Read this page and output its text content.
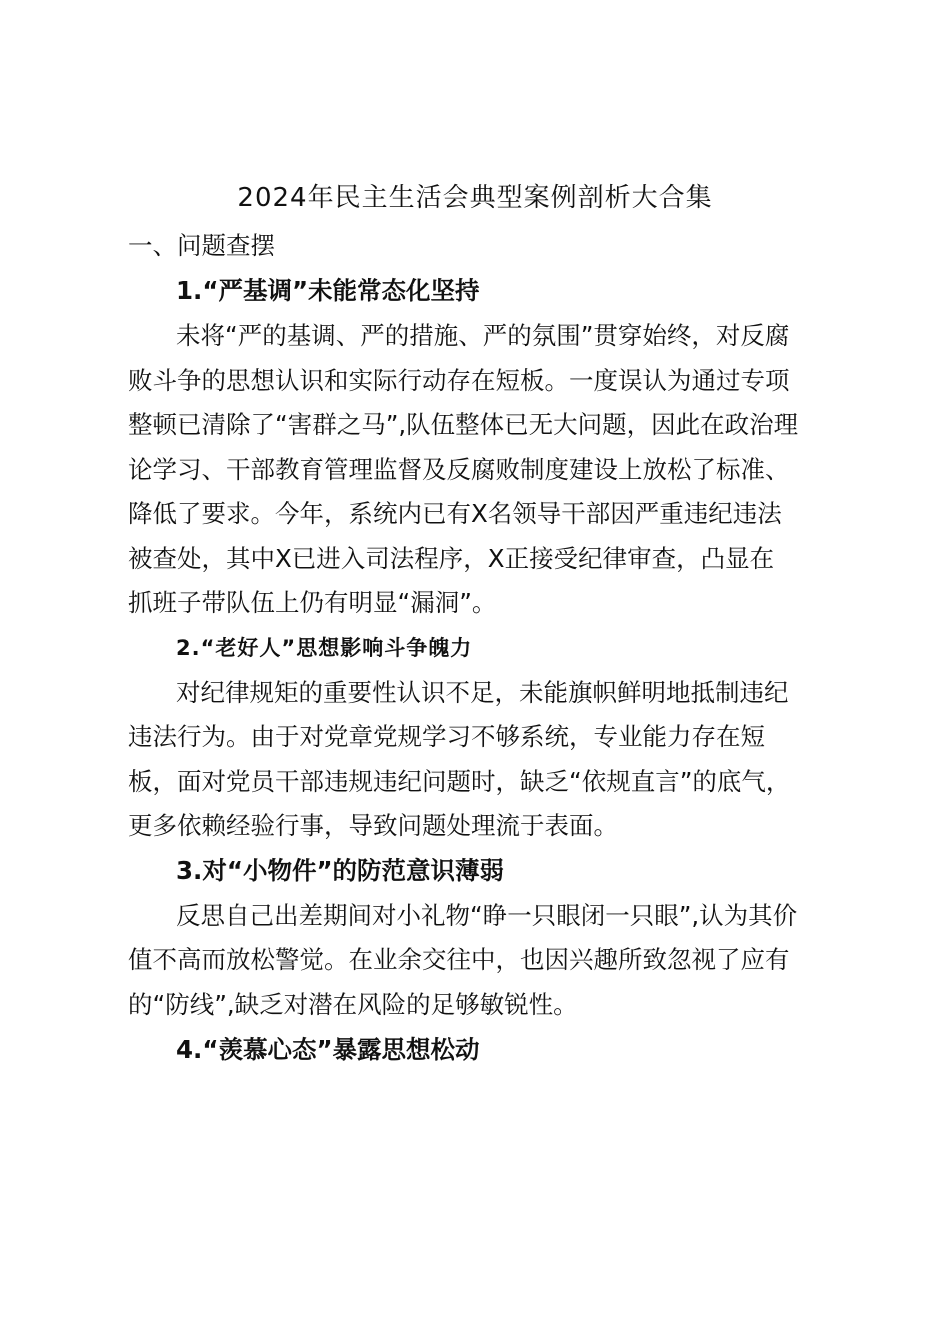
2024年民主生活会典型案例剖析大合集
一、问题查摆
1.“严基调”未能常态化坚持
未将“严的基调、严的措施、严的氛围”贯穿始终，对反腐
败斗争的思想认识和实际行动存在短板。一度误认为通过专项
整顿已清除了“害群之马”,队伍整体已无大问题，因此在政治理
论学习、干部教育管理监督及反腐败制度建设上放松了标准、
降低了要求。今年，系统内已有X名领导干部因严重违纪违法
被查处，其中X已进入司法程序，X正接受纪律审查，凸显在
抓班子带队伍上仍有明显“漏洞”。
2.“老好人”思想影响斗争魄力
对纪律规矩的重要性认识不足，未能旗帜鲜明地抵制违纪
违法行为。由于对党章党规学习不够系统，专业能力存在短
板，面对党员干部违规违纪问题时，缺乏“依规直言”的底气，
更多依赖经验行事，导致问题处理流于表面。
3.对“小物件”的防范意识薄弱
反思自己出差期间对小礼物“睁一只眼闭一只眼”,认为其价
值不高而放松警觉。在业余交往中，也因兴趣所致忽视了应有
的“防线”,缺乏对潜在风险的足够敏锐性。
4.“羡慕心态”暴露思想松动
